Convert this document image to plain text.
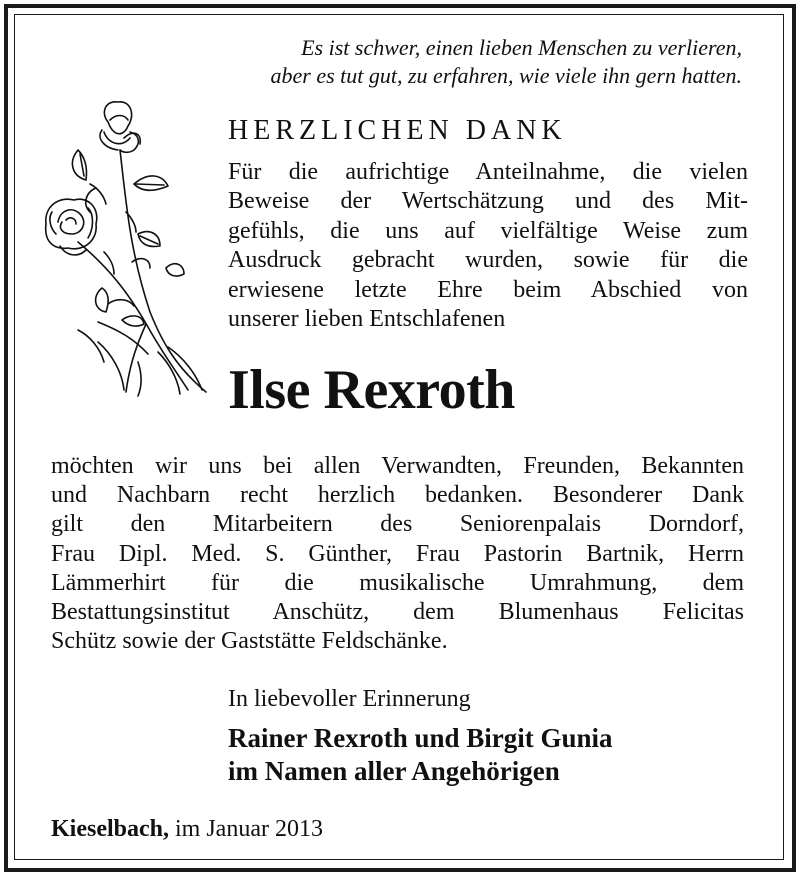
Es ist schwer, einen lieben Menschen zu verlieren,
aber es tut gut, zu erfahren, wie viele ihn gern hatten.
HERZLICHEN DANK
Für die aufrichtige Anteilnahme, die vielen
Beweise der Wertschätzung und des Mit-
gefühls, die uns auf vielfältige Weise zum
Ausdruck gebracht wurden, sowie für die
erwiesene letzte Ehre beim Abschied von
unserer lieben Entschlafenen
Ilse Rexroth
möchten wir uns bei allen Verwandten, Freunden, Bekannten
und Nachbarn recht herzlich bedanken. Besonderer Dank
gilt den Mitarbeitern des Seniorenpalais Dorndorf,
Frau Dipl. Med. S. Günther, Frau Pastorin Bartnik, Herrn
Lämmerhirt für die musikalische Umrahmung, dem
Bestattungsinstitut Anschütz, dem Blumenhaus Felicitas
Schütz sowie der Gaststätte Feldschänke.
In liebevoller Erinnerung
Rainer Rexroth und Birgit Gunia
im Namen aller Angehörigen
Kieselbach, im Januar 2013
